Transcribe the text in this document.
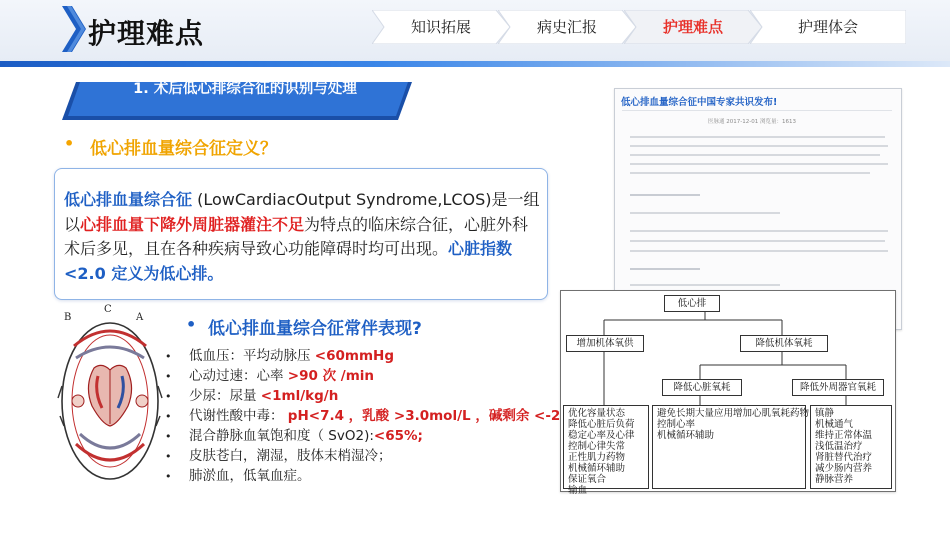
护理难点	知识拓展	病史汇报	护理难点	护理体会
1. 术后低心排综合征的识别与处理
• 低心排血量综合征定义？
低心排血量综合征 (LowCardiacOutput Syndrome,LCOS)是一组以心排血量下降外周脏器灌注不足为特点的临床综合征，心脏外科术后多见，且在各种疾病导致心功能障碍时均可出现。心脏指数 <2.0 定义为低心排。
B
C
A	• 低心排血量综合征常伴表现?
• 低血压：平均动脉压 <60mmHg
• 心动过速：心率 >90 次 /min
• 少尿：尿量 <1ml/kg/h
• 代谢性酸中毒： pH<7.4 ，乳酸 >3.0mol/L ，碱剩余 <-2
• 混合静脉血氧饱和度（ SvO2):<65%;
• 皮肤苍白，潮湿，肢体末梢湿冷；
• 肺淤血，低氧血症。
低心排血量综合征中国专家共识发布!
医脉通 2017-12-01 浏览量：1613
低心排
增加机体氧供	降低机体氧耗
降低心脏氧耗	降低外周器官氧耗
优化容量状态
降低心脏后负荷
稳定心率及心律
控制心律失常
正性肌力药物
机械循环辅助
保证氧合
输血
避免长期大量应用增加心肌氧耗药物
控制心率
机械循环辅助
镇静
机械通气
维持正常体温
浅低温治疗
肾脏替代治疗
减少肠内营养
静脉营养
